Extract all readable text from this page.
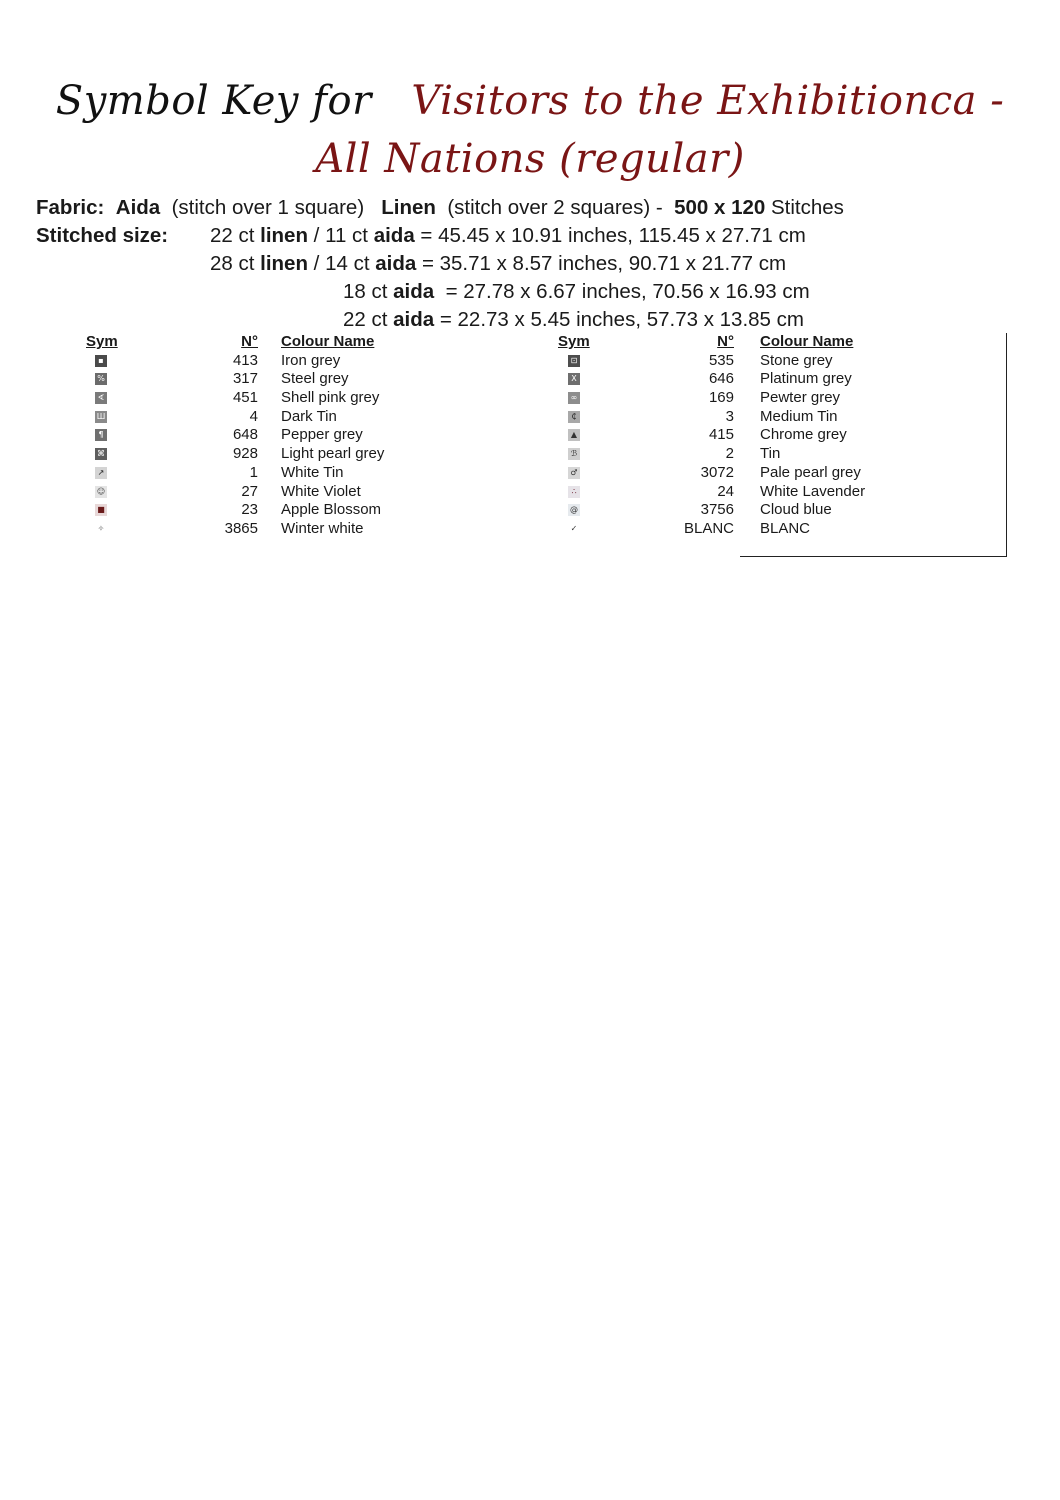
Symbol Key for Visitors to the Exhibitionca - All Nations (regular)
Fabric: Aida (stitch over 1 square) Linen (stitch over 2 squares) - 500 x 120 Stitches
Stitched size: 22 ct linen / 11 ct aida = 45.45 x 10.91 inches, 115.45 x 27.71 cm
28 ct linen / 14 ct aida = 35.71 x 8.57 inches, 90.71 x 21.77 cm
18 ct aida  = 27.78 x 6.67 inches, 70.56 x 16.93 cm
22 ct aida = 22.73 x 5.45 inches, 57.73 x 13.85 cm
Sym	N° Colour Name
▪	413 Iron grey
%	317 Steel grey
∢	451 Shell pink grey
Ш	4 Dark Tin
¶	648 Pepper grey
⌘	928 Light pearl grey
↗	1 White Tin
☺	27 White Violet
■	23 Apple Blossom
✧	3865 Winter white
Sym	N° Colour Name
⊡	535 Stone grey
X	646 Platinum grey
∞	169 Pewter grey
₵	3 Medium Tin
▲	415 Chrome grey
ℬ	2 Tin
♂	3072 Pale pearl grey
∴	24 White Lavender
@	3756 Cloud blue
✓	BLANC BLANC
